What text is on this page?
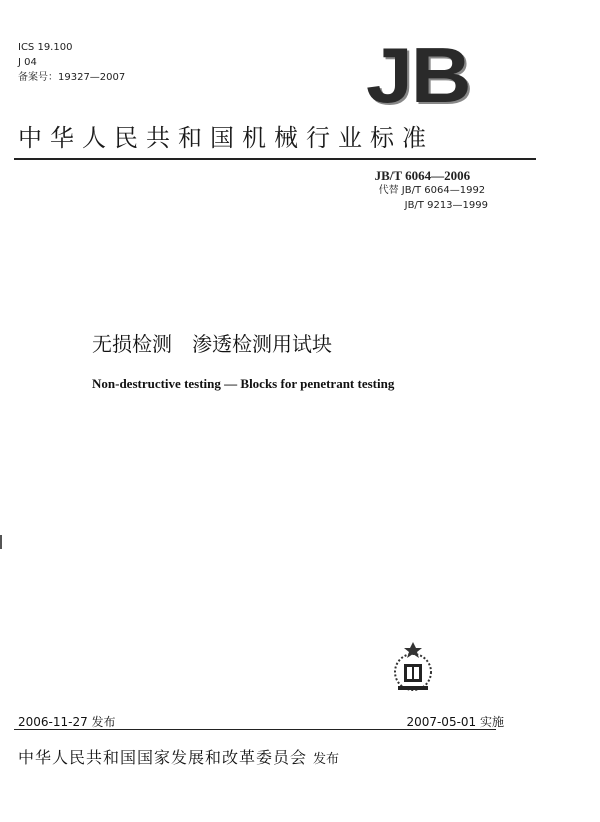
ICS 19.100
J 04
备案号：19327—2007	JB
中华人民共和国机械行业标准
JB/T 6064—2006
代替 JB/T 6064—1992
JB/T 9213—1999
无损检测　渗透检测用试块
Non-destructive testing — Blocks for penetrant testing
2006-11-27 发布	2007-05-01 实施
中华人民共和国国家发展和改革委员会 发布
